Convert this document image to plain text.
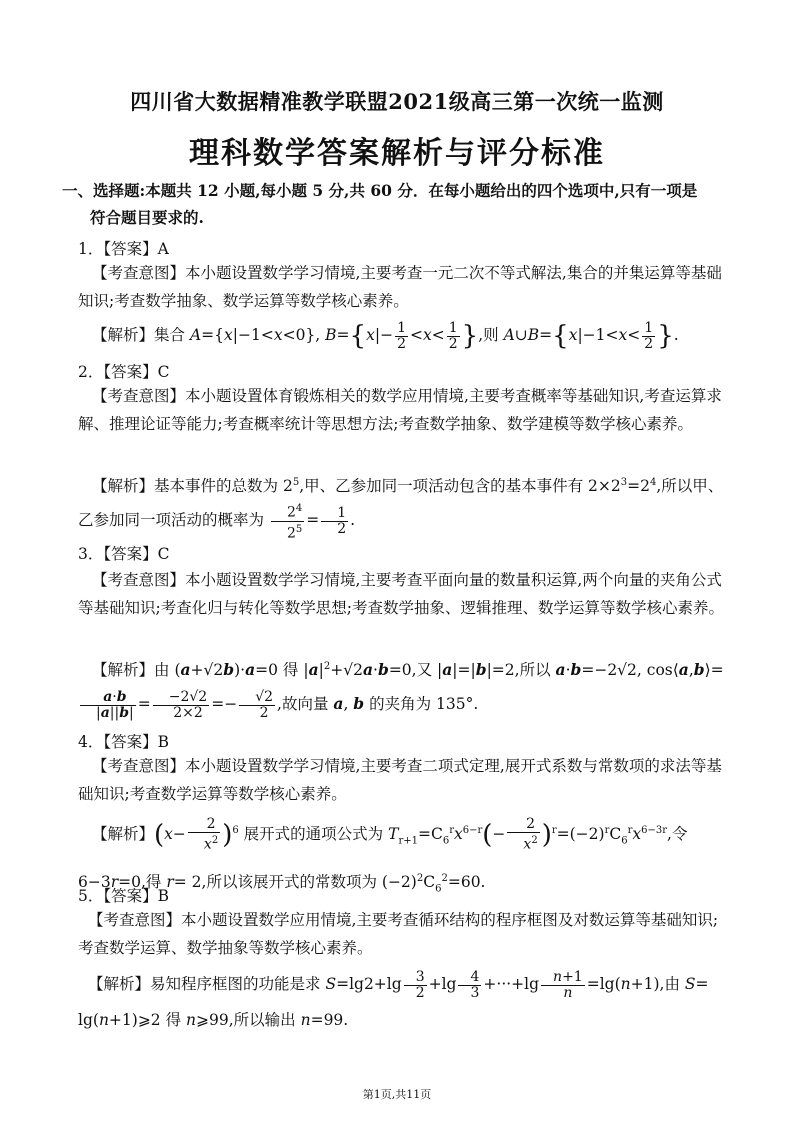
四川省大数据精准教学联盟2021级高三第一次统一监测
理科数学答案解析与评分标准
一、选择题:本题共 12 小题,每小题 5 分,共 60 分．在每小题给出的四个选项中,只有一项是
符合题目要求的.
1．【答案】A
【考查意图】本小题设置数学学习情境,主要考查一元二次不等式解法,集合的并集运算等基础知识;考查数学抽象、数学运算等数学核心素养。
【解析】集合 A={x|−1<x<0}, $B=\{x|- \frac{1}{2} <x< \frac{1}{2}$ },则 A∪B={x|−1<x< $\frac{1}{2}$ }.
2．【答案】C
【考查意图】本小题设置体育锻炼相关的数学应用情境,主要考查概率等基础知识,考查运算求解、推理论证等能力;考查概率统计等思想方法;考查数学抽象、数学建模等数学核心素养。
【解析】基本事件的总数为 $2^5$,甲、乙参加同一项活动包含的基本事件有 $2\times 2^3=2^4$,所以甲、乙参加同一项活动的概率为 $\frac{2^4}{2^5} = \frac{1}{2}$ .
3．【答案】C
【考查意图】本小题设置数学学习情境,主要考查平面向量的数量积运算,两个向量的夹角公式等基础知识;考查化归与转化等数学思想;考查数学抽象、逻辑推理、数学运算等数学核心素养。
【解析】由 (a+√2b)·a=0 得 $|a|^2+√2a\cdot b=0$,又 |a|=|b|=2,所以 a·b=−2√2, cos⟨a,b⟩=
$\frac{a\cdot b}{|a||b|} = \frac{-2√2}{2\times 2} =- \frac{√2}{2}$ ,故向量 a, b 的夹角为 135°.
4．【答案】B
【考查意图】本小题设置数学学习情境,主要考查二项式定理,展开式系数与常数项的求法等基础知识;考查数学运算等数学核心素养。
【解析】$(x- \frac{2}{x^2} )^6$ 展开式的通项公式为 $T_{r+1}=C_6^rx^{6-r}(- \frac{2}{x^2} )^r=(-2)^rC_6^rx^{6-3r}$,令 6−3r=0,得 r= 2,所以该展开式的常数项为 $(-2)^2C_6^2=60$.
5．【答案】B
【考查意图】本小题设置数学应用情境,主要考查循环结构的程序框图及对数运算等基础知识;考查数学运算、数学抽象等数学核心素养。
【解析】易知程序框图的功能是求 $S=\lg 2+\lg \frac{3}{2} +\lg \frac{4}{3} +\cdot\cdot\cdot+\lg \frac{n+1}{n} =\lg(n+1)$,由 S= lg(n+1)⩾2 得 n⩾99,所以输出 n=99.
第1页,共11页
